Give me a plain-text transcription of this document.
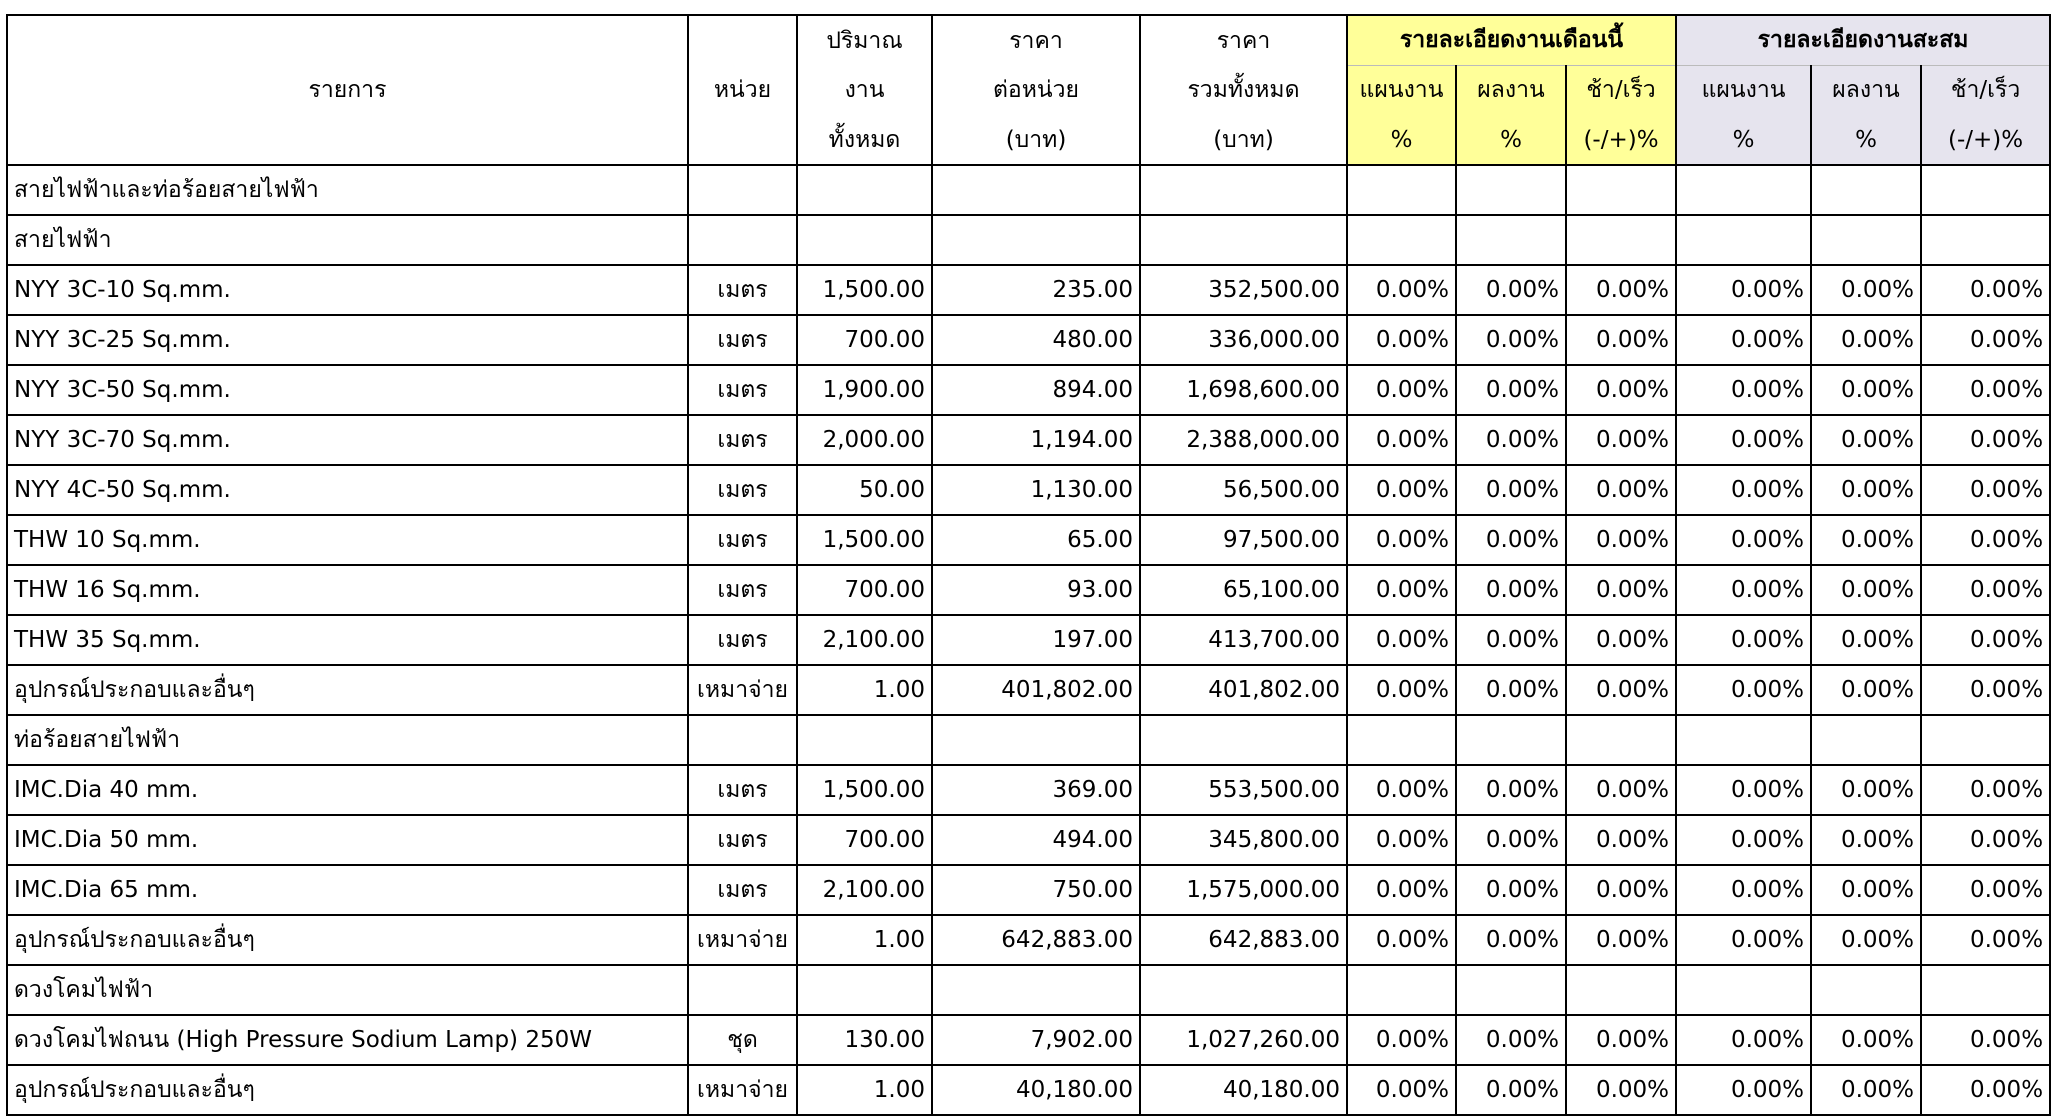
รายการ	หน่วย	ปริมาณ	ราคา	ราคา	รายละเอียดงานเดือนนี้			รายละเอียดงานสะสม		
		งาน	ต่อหน่วย	รวมทั้งหมด	แผนงาน	ผลงาน	ช้า/เร็ว	แผนงาน	ผลงาน	ช้า/เร็ว
		ทั้งหมด	(บาท)	(บาท)	%	%	(-/+)%	%	%	(-/+)%
สายไฟฟ้าและท่อร้อยสายไฟฟ้า										
สายไฟฟ้า										
NYY 3C-10 Sq.mm.	เมตร	1,500.00	235.00	352,500.00	0.00%	0.00%	0.00%	0.00%	0.00%	0.00%
NYY 3C-25 Sq.mm.	เมตร	700.00	480.00	336,000.00	0.00%	0.00%	0.00%	0.00%	0.00%	0.00%
NYY 3C-50 Sq.mm.	เมตร	1,900.00	894.00	1,698,600.00	0.00%	0.00%	0.00%	0.00%	0.00%	0.00%
NYY 3C-70 Sq.mm.	เมตร	2,000.00	1,194.00	2,388,000.00	0.00%	0.00%	0.00%	0.00%	0.00%	0.00%
NYY 4C-50 Sq.mm.	เมตร	50.00	1,130.00	56,500.00	0.00%	0.00%	0.00%	0.00%	0.00%	0.00%
THW 10 Sq.mm.	เมตร	1,500.00	65.00	97,500.00	0.00%	0.00%	0.00%	0.00%	0.00%	0.00%
THW 16 Sq.mm.	เมตร	700.00	93.00	65,100.00	0.00%	0.00%	0.00%	0.00%	0.00%	0.00%
THW 35 Sq.mm.	เมตร	2,100.00	197.00	413,700.00	0.00%	0.00%	0.00%	0.00%	0.00%	0.00%
อุปกรณ์ประกอบและอื่นๆ	เหมาจ่าย	1.00	401,802.00	401,802.00	0.00%	0.00%	0.00%	0.00%	0.00%	0.00%
ท่อร้อยสายไฟฟ้า										
IMC.Dia 40 mm.	เมตร	1,500.00	369.00	553,500.00	0.00%	0.00%	0.00%	0.00%	0.00%	0.00%
IMC.Dia 50 mm.	เมตร	700.00	494.00	345,800.00	0.00%	0.00%	0.00%	0.00%	0.00%	0.00%
IMC.Dia 65 mm.	เมตร	2,100.00	750.00	1,575,000.00	0.00%	0.00%	0.00%	0.00%	0.00%	0.00%
อุปกรณ์ประกอบและอื่นๆ	เหมาจ่าย	1.00	642,883.00	642,883.00	0.00%	0.00%	0.00%	0.00%	0.00%	0.00%
ดวงโคมไฟฟ้า										
ดวงโคมไฟถนน (High Pressure Sodium Lamp) 250W	ชุด	130.00	7,902.00	1,027,260.00	0.00%	0.00%	0.00%	0.00%	0.00%	0.00%
อุปกรณ์ประกอบและอื่นๆ	เหมาจ่าย	1.00	40,180.00	40,180.00	0.00%	0.00%	0.00%	0.00%	0.00%	0.00%
